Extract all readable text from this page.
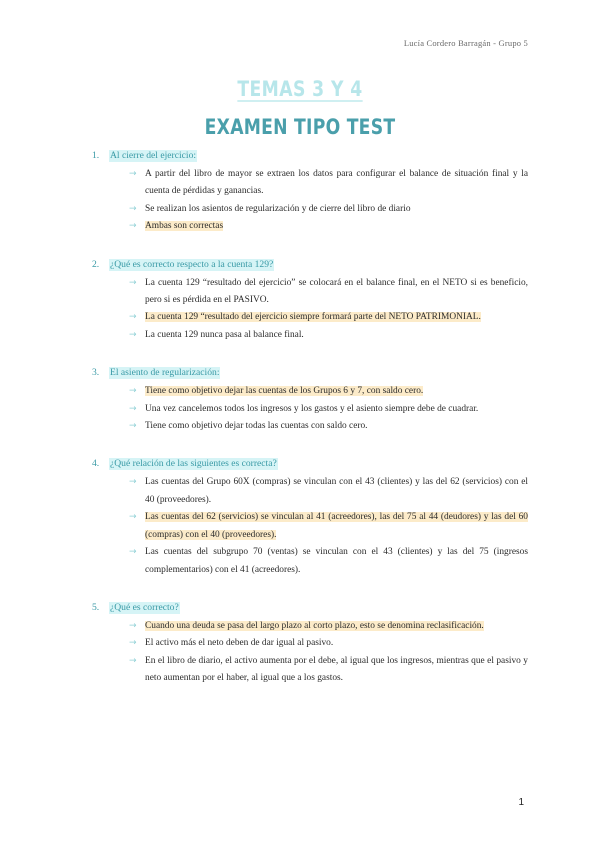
Lucía Cordero Barragán - Grupo 5
TEMAS 3 Y 4
EXAMEN TIPO TEST
1. Al cierre del ejercicio:
→ A partir del libro de mayor se extraen los datos para configurar el balance de situación final y la cuenta de pérdidas y ganancias.
→ Se realizan los asientos de regularización y de cierre del libro de diario
→ Ambas son correctas
2. ¿Qué es correcto respecto a la cuenta 129?
→ La cuenta 129 “resultado del ejercicio” se colocará en el balance final, en el NETO si es beneficio, pero si es pérdida en el PASIVO.
→ La cuenta 129 “resultado del ejercicio siempre formará parte del NETO PATRIMONIAL.
→ La cuenta 129 nunca pasa al balance final.
3. El asiento de regularización:
→ Tiene como objetivo dejar las cuentas de los Grupos 6 y 7, con saldo cero.
→ Una vez cancelemos todos los ingresos y los gastos y el asiento siempre debe de cuadrar.
→ Tiene como objetivo dejar todas las cuentas con saldo cero.
4. ¿Qué relación de las siguientes es correcta?
→ Las cuentas del Grupo 60X (compras) se vinculan con el 43 (clientes) y las del 62 (servicios) con el 40 (proveedores).
→ Las cuentas del 62 (servicios) se vinculan al 41 (acreedores), las del 75 al 44 (deudores) y las del 60 (compras) con el 40 (proveedores).
→ Las cuentas del subgrupo 70 (ventas) se vinculan con el 43 (clientes) y las del 75 (ingresos complementarios) con el 41 (acreedores).
5. ¿Qué es correcto?
→ Cuando una deuda se pasa del largo plazo al corto plazo, esto se denomina reclasificación.
→ El activo más el neto deben de dar igual al pasivo.
→ En el libro de diario, el activo aumenta por el debe, al igual que los ingresos, mientras que el pasivo y neto aumentan por el haber, al igual que a los gastos.
1
